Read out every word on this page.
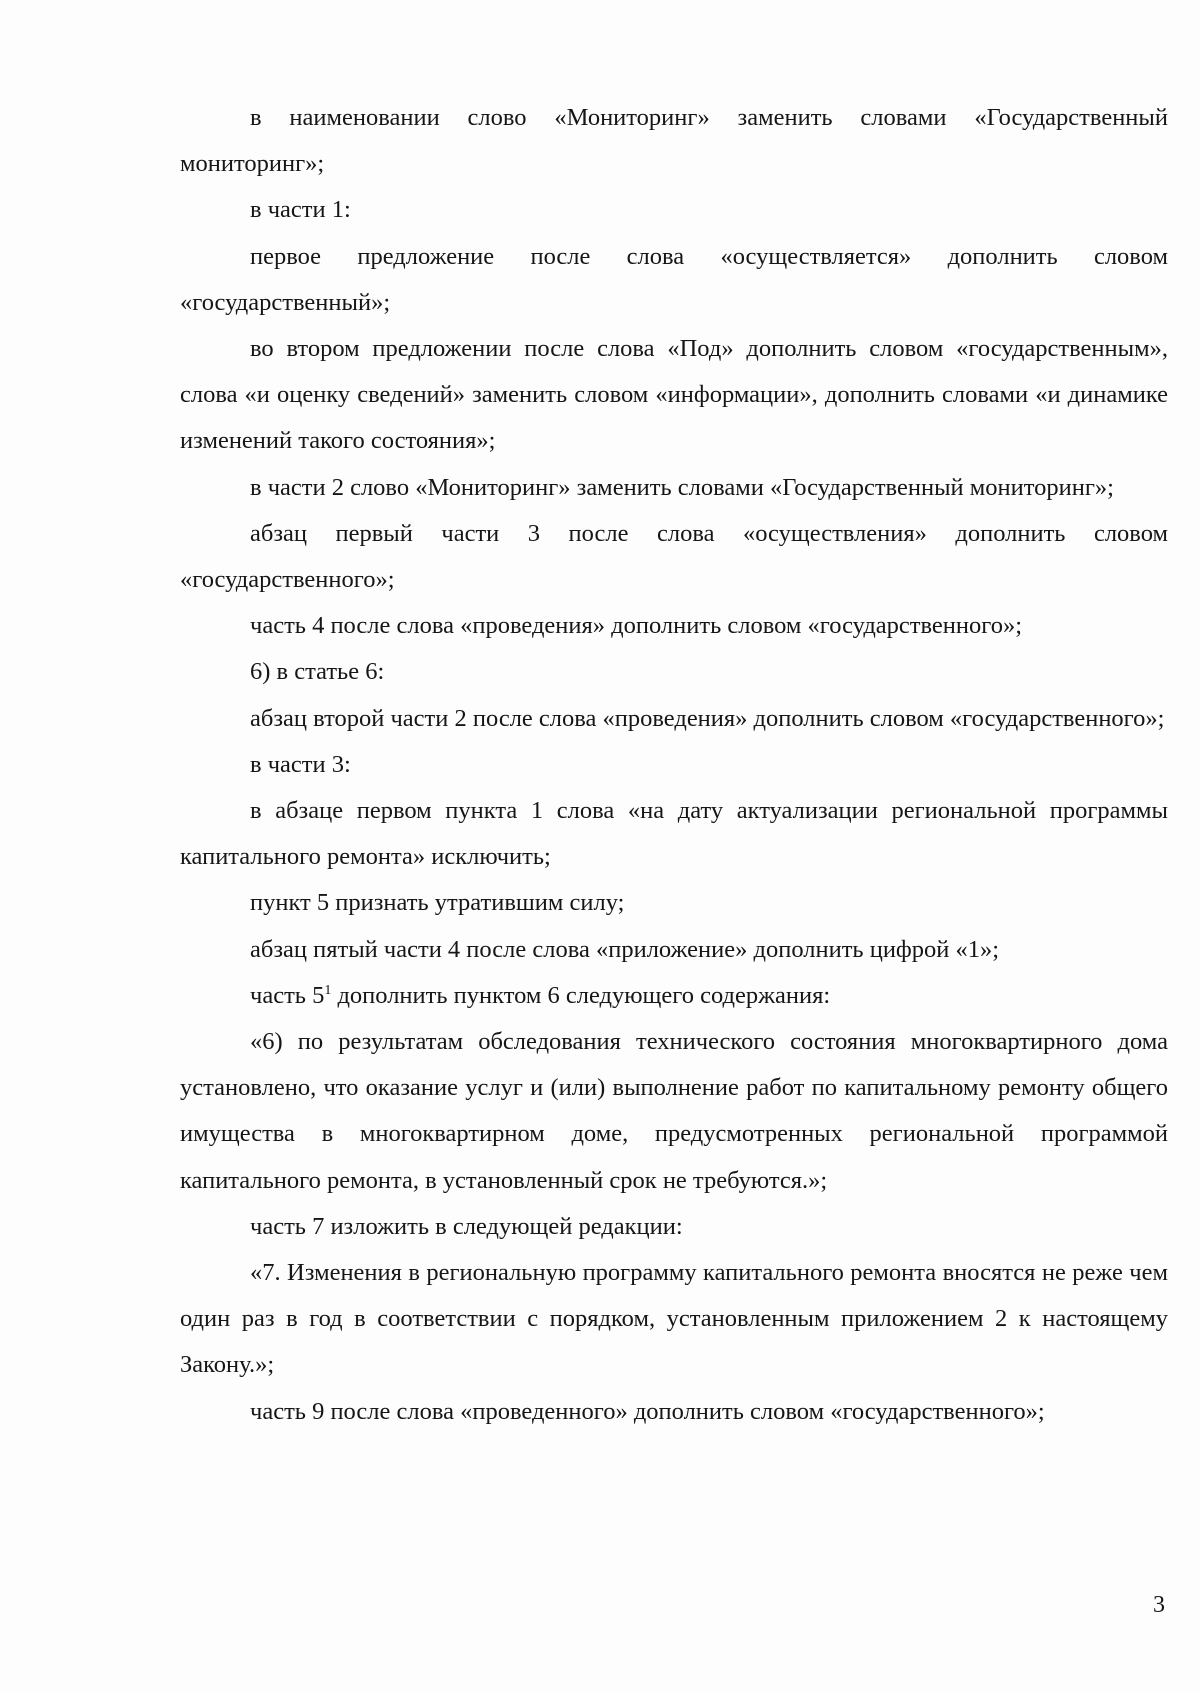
в наименовании слово «Мониторинг» заменить словами «Государственный мониторинг»;

в части 1:

первое предложение после слова «осуществляется» дополнить словом «государственный»;

во втором предложении после слова «Под» дополнить словом «государственным», слова «и оценку сведений» заменить словом «информации», дополнить словами «и динамике изменений такого состояния»;

в части 2 слово «Мониторинг» заменить словами «Государственный мониторинг»;

абзац первый части 3 после слова «осуществления» дополнить словом «государственного»;

часть 4 после слова «проведения» дополнить словом «государственного»;

6) в статье 6:

абзац второй части 2 после слова «проведения» дополнить словом «государственного»;

в части 3:

в абзаце первом пункта 1 слова «на дату актуализации региональной программы капитального ремонта» исключить;

пункт 5 признать утратившим силу;

абзац пятый части 4 после слова «приложение» дополнить цифрой «1»;

часть $5^1$ дополнить пунктом 6 следующего содержания:

«6) по результатам обследования технического состояния многоквартирного дома установлено, что оказание услуг и (или) выполнение работ по капитальному ремонту общего имущества в многоквартирном доме, предусмотренных региональной программой капитального ремонта, в установленный срок не требуются.»;

часть 7 изложить в следующей редакции:

«7. Изменения в региональную программу капитального ремонта вносятся не реже чем один раз в год в соответствии с порядком, установленным приложением 2 к настоящему Закону.»;

часть 9 после слова «проведенного» дополнить словом «государственного»;

3
